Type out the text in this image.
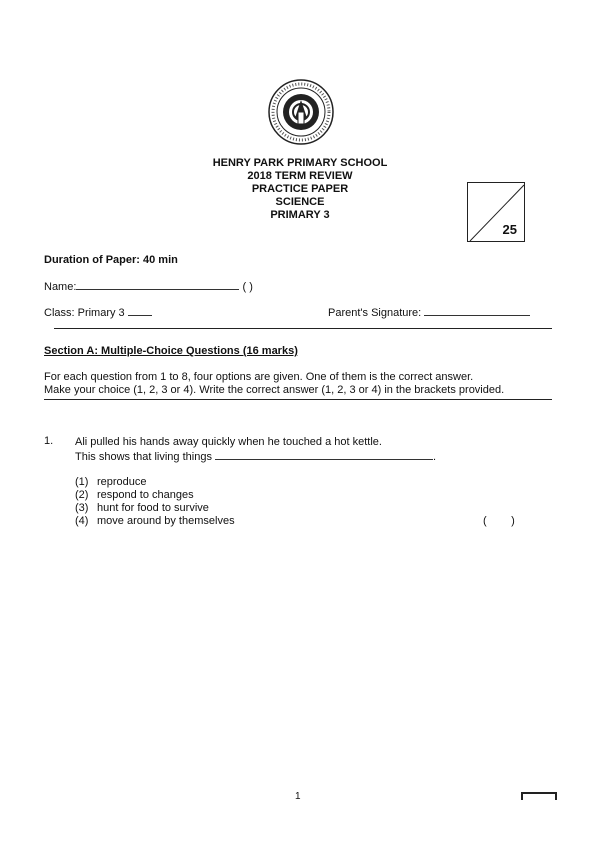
HENRY PARK PRIMARY SCHOOL
2018 TERM REVIEW
PRACTICE PAPER
SCIENCE
PRIMARY 3
25
Duration of Paper: 40 min
Name:	( )
Class: Primary 3	Parent's Signature:
Section A: Multiple-Choice Questions (16 marks)
For each question from 1 to 8, four options are given. One of them is the correct answer.
Make your choice (1, 2, 3 or 4). Write the correct answer (1, 2, 3 or 4) in the brackets provided.
1. Ali pulled his hands away quickly when he touched a hot kettle.
This shows that living things	.
(1) reproduce
(2) respond to changes
(3) hunt for food to survive
(4) move around by themselves	(        )
1
